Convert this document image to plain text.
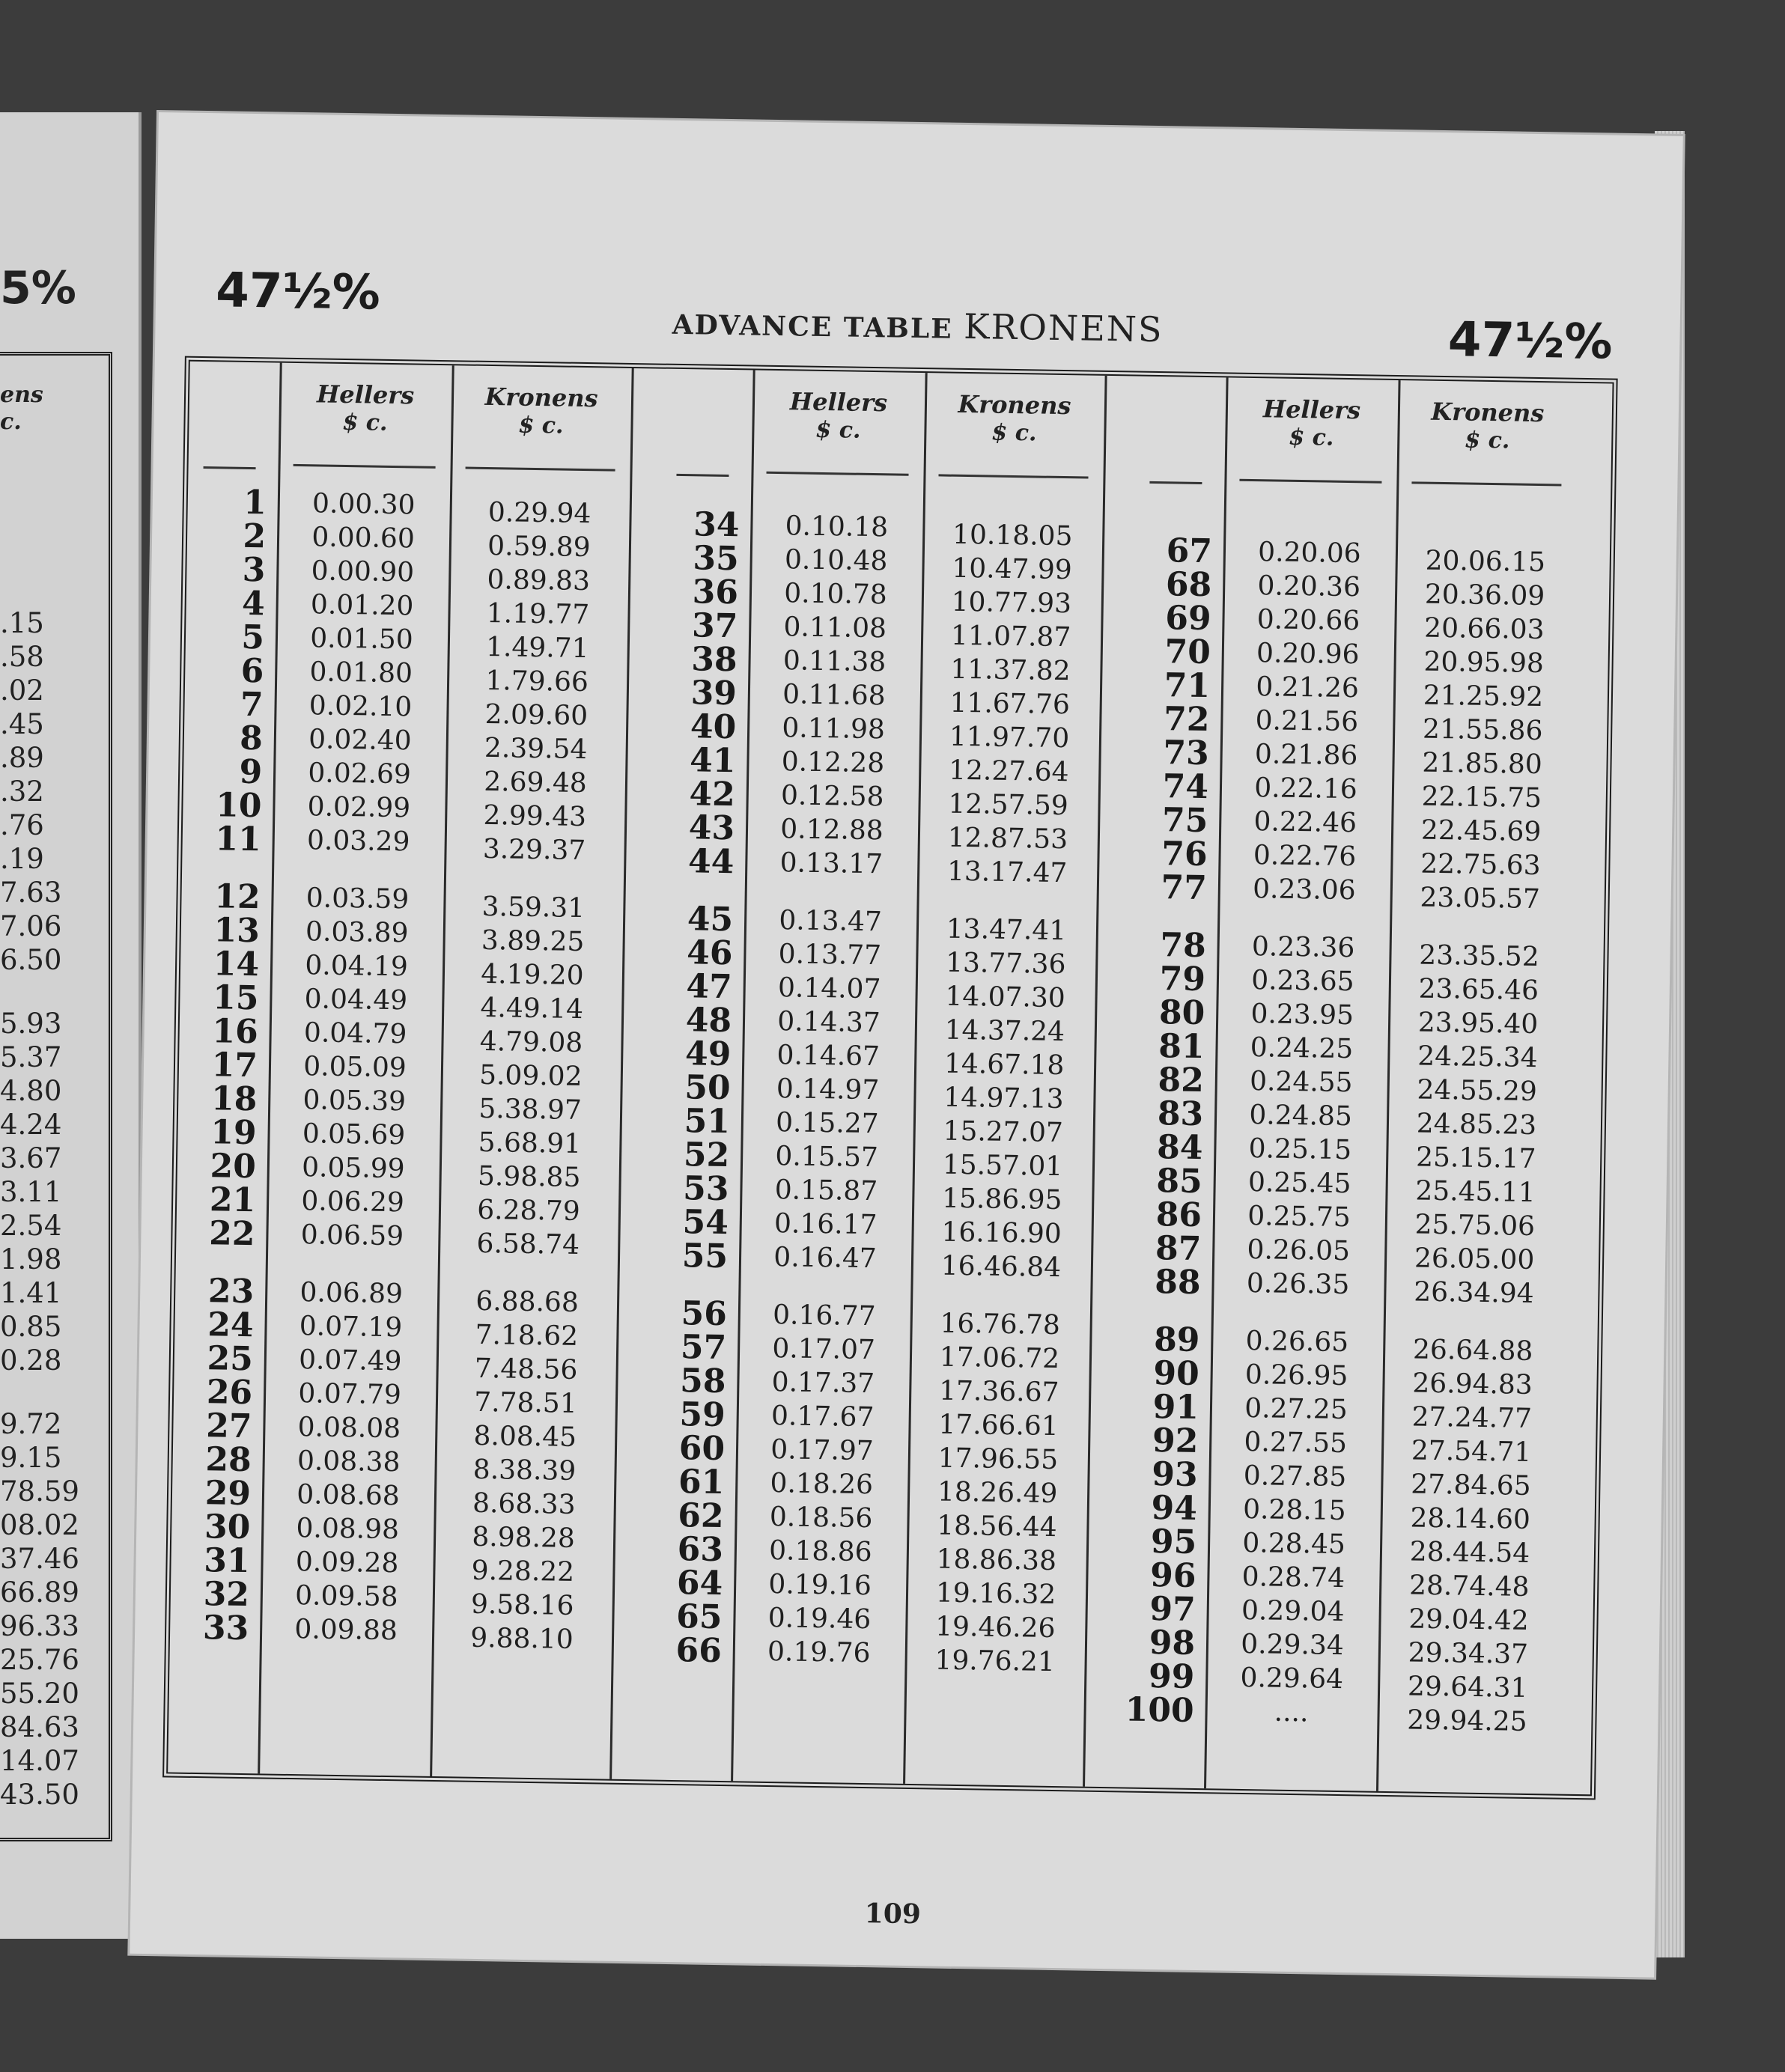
5%
ens
c.
.15
.58
.02
.45
.89
.32
.76
.19
7.63
7.06
6.50
5.93
5.37
4.80
4.24
3.67
3.11
2.54
1.98
1.41
0.85
0.28
9.72
9.15
78.59
08.02
37.46
66.89
96.33
25.76
55.20
84.63
14.07
43.50
47½%
ADVANCE TABLE KRONENS	47½%
Hellers
$ c.
Kronens
$ c.
1
2
3
4
5
6
7
8
9
10
11
12
13
14
15
16
17
18
19
20
21
22
23
24
25
26
27
28
29
30
31
32
33
0.00.30
0.00.60
0.00.90
0.01.20
0.01.50
0.01.80
0.02.10
0.02.40
0.02.69
0.02.99
0.03.29
0.03.59
0.03.89
0.04.19
0.04.49
0.04.79
0.05.09
0.05.39
0.05.69
0.05.99
0.06.29
0.06.59
0.06.89
0.07.19
0.07.49
0.07.79
0.08.08
0.08.38
0.08.68
0.08.98
0.09.28
0.09.58
0.09.88
0.29.94
0.59.89
0.89.83
1.19.77
1.49.71
1.79.66
2.09.60
2.39.54
2.69.48
2.99.43
3.29.37
3.59.31
3.89.25
4.19.20
4.49.14
4.79.08
5.09.02
5.38.97
5.68.91
5.98.85
6.28.79
6.58.74
6.88.68
7.18.62
7.48.56
7.78.51
8.08.45
8.38.39
8.68.33
8.98.28
9.28.22
9.58.16
9.88.10
Hellers
$ c.
Kronens
$ c.
34
35
36
37
38
39
40
41
42
43
44
45
46
47
48
49
50
51
52
53
54
55
56
57
58
59
60
61
62
63
64
65
66
0.10.18
0.10.48
0.10.78
0.11.08
0.11.38
0.11.68
0.11.98
0.12.28
0.12.58
0.12.88
0.13.17
0.13.47
0.13.77
0.14.07
0.14.37
0.14.67
0.14.97
0.15.27
0.15.57
0.15.87
0.16.17
0.16.47
0.16.77
0.17.07
0.17.37
0.17.67
0.17.97
0.18.26
0.18.56
0.18.86
0.19.16
0.19.46
0.19.76
10.18.05
10.47.99
10.77.93
11.07.87
11.37.82
11.67.76
11.97.70
12.27.64
12.57.59
12.87.53
13.17.47
13.47.41
13.77.36
14.07.30
14.37.24
14.67.18
14.97.13
15.27.07
15.57.01
15.86.95
16.16.90
16.46.84
16.76.78
17.06.72
17.36.67
17.66.61
17.96.55
18.26.49
18.56.44
18.86.38
19.16.32
19.46.26
19.76.21
Hellers
$ c.
Kronens
$ c.
67
68
69
70
71
72
73
74
75
76
77
78
79
80
81
82
83
84
85
86
87
88
89
90
91
92
93
94
95
96
97
98
99
100
0.20.06
0.20.36
0.20.66
0.20.96
0.21.26
0.21.56
0.21.86
0.22.16
0.22.46
0.22.76
0.23.06
0.23.36
0.23.65
0.23.95
0.24.25
0.24.55
0.24.85
0.25.15
0.25.45
0.25.75
0.26.05
0.26.35
0.26.65
0.26.95
0.27.25
0.27.55
0.27.85
0.28.15
0.28.45
0.28.74
0.29.04
0.29.34
0.29.64
....
20.06.15
20.36.09
20.66.03
20.95.98
21.25.92
21.55.86
21.85.80
22.15.75
22.45.69
22.75.63
23.05.57
23.35.52
23.65.46
23.95.40
24.25.34
24.55.29
24.85.23
25.15.17
25.45.11
25.75.06
26.05.00
26.34.94
26.64.88
26.94.83
27.24.77
27.54.71
27.84.65
28.14.60
28.44.54
28.74.48
29.04.42
29.34.37
29.64.31
29.94.25
109
